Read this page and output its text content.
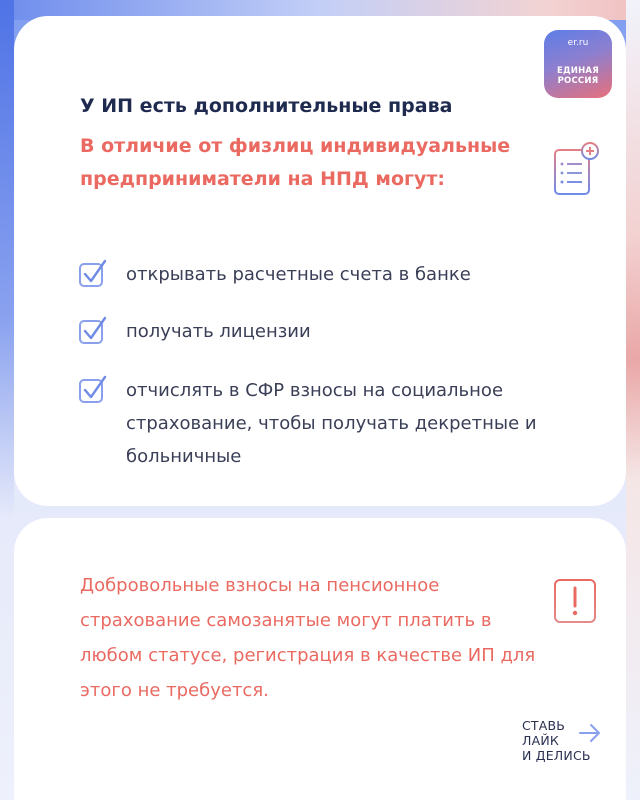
er.ru
ЕДИНАЯ
РОССИЯ
У ИП есть дополнительные права
В отличие от физлиц индивидуальные предприниматели на НПД могут:
открывать расчетные счета в банке
получать лицензии
отчислять в СФР взносы на социальное страхование, чтобы получать декретные и больничные
Добровольные взносы на пенсионное страхование самозанятые могут платить в любом статусе, регистрация в качестве ИП для этого не требуется.
СТАВЬ
ЛАЙК
И ДЕЛИСЬ
